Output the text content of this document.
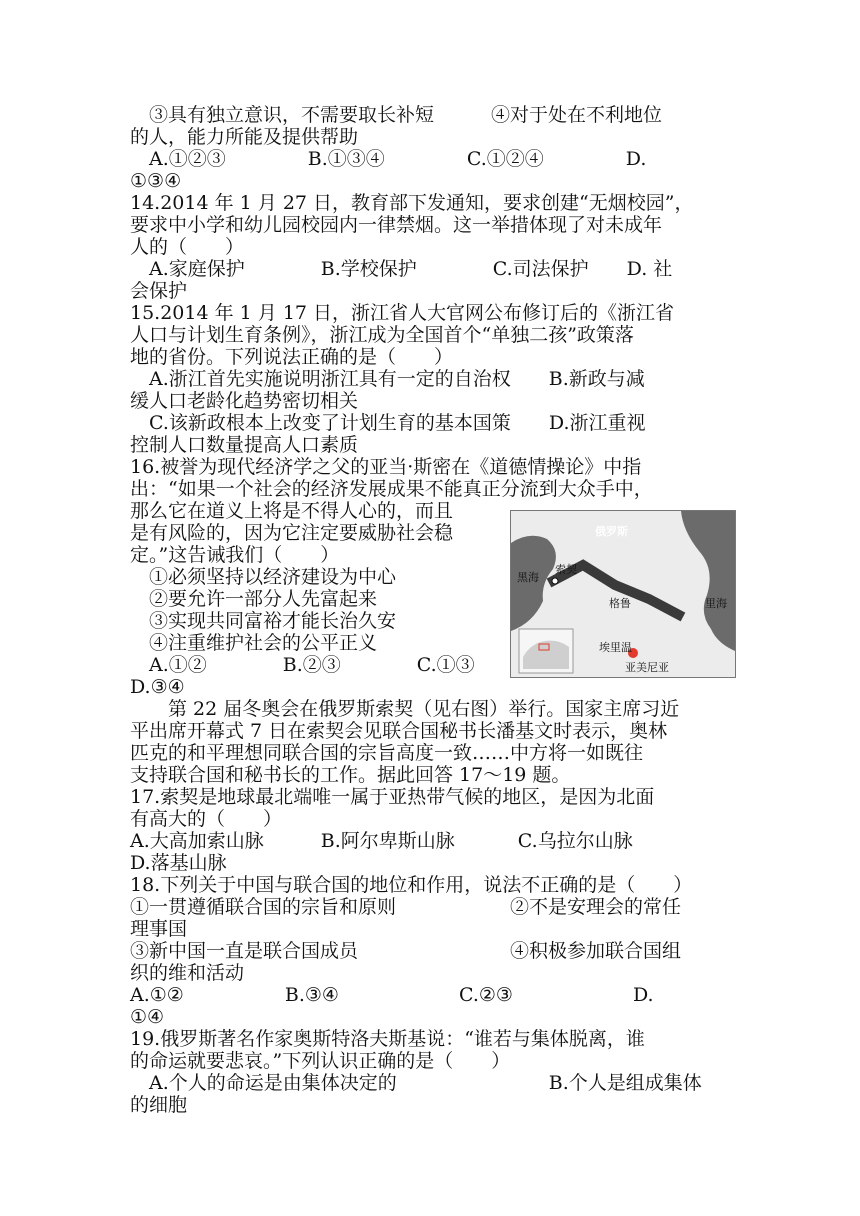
　③具有独立意识，不需要取长补短　　　④对于处在不利地位
的人，能力所能及提供帮助
　A.①②③　　　　 B.①③④　　　　 C.①②④　　　　 D.
①③④
14.2014 年 1 月 27 日，教育部下发通知，要求创建“无烟校园”，
要求中小学和幼儿园校园内一律禁烟。这一举措体现了对未成年
人的（　　）
　A.家庭保护　　　　B.学校保护　　　　C.司法保护　　D. 社
会保护
15.2014 年 1 月 17 日，浙江省人大官网公布修订后的《浙江省
人口与计划生育条例》，浙江成为全国首个“单独二孩”政策落
地的省份。下列说法正确的是（　　）
　A.浙江首先实施说明浙江具有一定的自治权　　B.新政与减
缓人口老龄化趋势密切相关
　C.该新政根本上改变了计划生育的基本国策　　D.浙江重视
控制人口数量提高人口素质
16.被誉为现代经济学之父的亚当·斯密在《道德情操论》中指
出：“如果一个社会的经济发展成果不能真正分流到大众手中，
那么它在道义上将是不得人心的，而且
是有风险的，因为它注定要威胁社会稳
定。”这告诫我们（　　）
　①必须坚持以经济建设为中心
　②要允许一部分人先富起来
　③实现共同富裕才能长治久安
　④注重维护社会的公平正义
　A.①②　　　　B.②③　　　　C.①③
D.③④
　　第 22 届冬奥会在俄罗斯索契（见右图）举行。国家主席习近
平出席开幕式 7 日在索契会见联合国秘书长潘基文时表示，奥林
匹克的和平理想同联合国的宗旨高度一致……中方将一如既往
支持联合国和秘书长的工作。据此回答 17～19 题。
17.索契是地球最北端唯一属于亚热带气候的地区，是因为北面
有高大的（　　）
A.大高加索山脉　　　B.阿尔卑斯山脉　　　 C.乌拉尔山脉
D.落基山脉
18.下列关于中国与联合国的地位和作用，说法不正确的是（　　）
①一贯遵循联合国的宗旨和原则　　　　　　②不是安理会的常任
理事国
③新中国一直是联合国成员　　　　　　　　④积极参加联合国组
织的维和活动
A.①②　　　　　 B.③④　　　　　　 C.②③　　　　　　 D.
①④
19.俄罗斯著名作家奥斯特洛夫斯基说：“谁若与集体脱离，谁
的命运就要悲哀。”下列认识正确的是（　　）
　A.个人的命运是由集体决定的　　　　　　　　B.个人是组成集体
的细胞
俄罗斯
黑海
里海
索契
格鲁
埃里温
亚美尼亚
